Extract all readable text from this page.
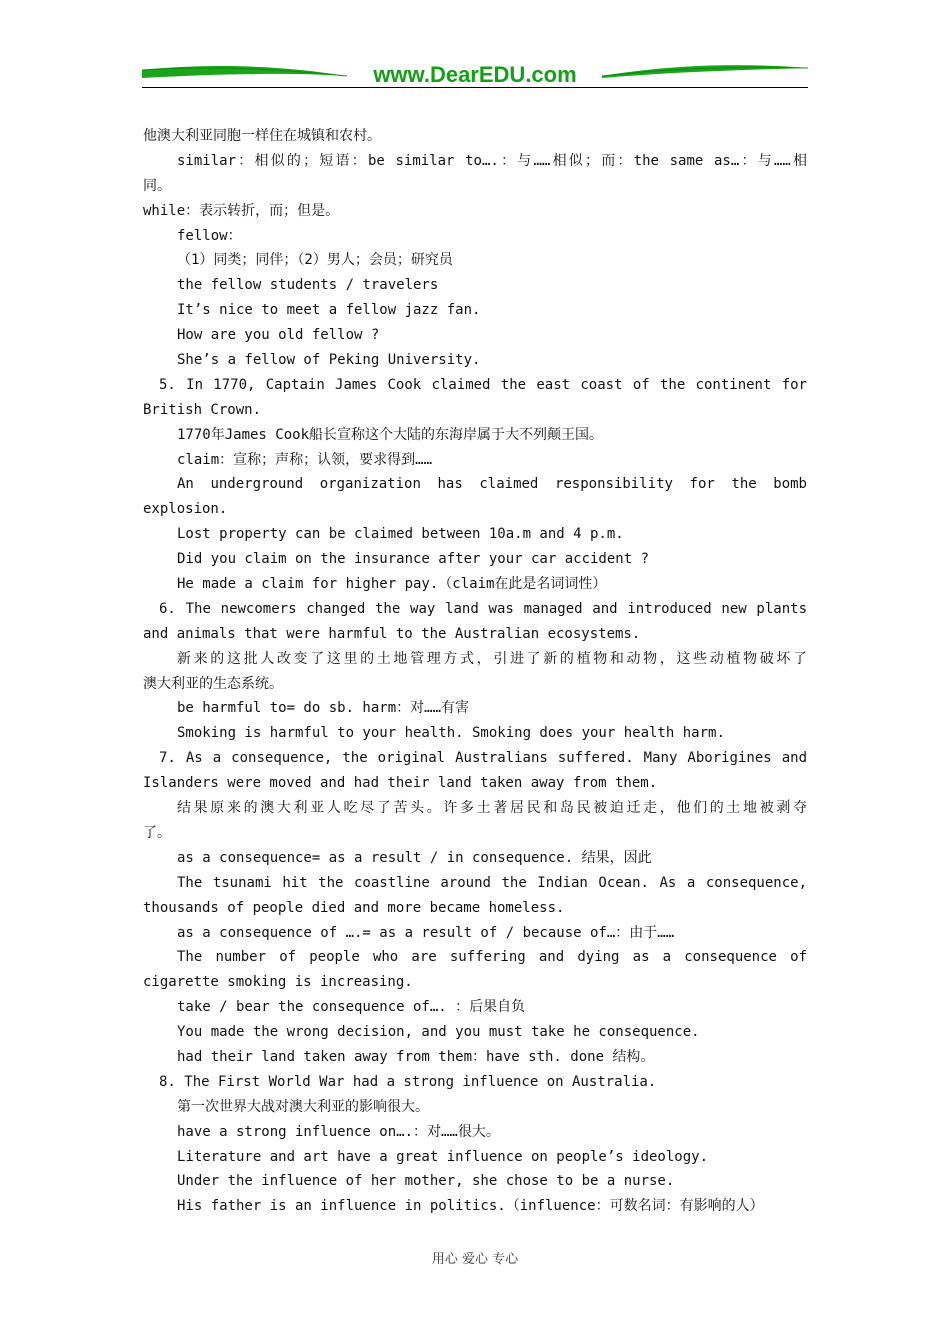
www.DearEDU.com
他澳大利亚同胞一样住在城镇和农村。
similar：相似的；短语：be similar to….：与……相似；而：the same as…：与……相
同。
while：表示转折，而；但是。
fellow：
（1）同类；同伴；（2）男人；会员；研究员
the fellow students / travelers
It’s nice to meet a fellow jazz fan.
How are you old fellow ?
She’s a fellow of Peking University.
5. In 1770, Captain James Cook claimed the east coast of the continent for
British Crown.
1770年James Cook船长宣称这个大陆的东海岸属于大不列颠王国。
claim：宣称；声称；认领，要求得到……
An underground organization has claimed responsibility for the bomb
explosion.
Lost property can be claimed between 10a.m and 4 p.m.
Did you claim on the insurance after your car accident ?
He made a claim for higher pay.（claim在此是名词词性）
6. The newcomers changed the way land was managed and introduced new plants
and animals that were harmful to the Australian ecosystems.
新来的这批人改变了这里的土地管理方式，引进了新的植物和动物，这些动植物破坏了
澳大利亚的生态系统。
be harmful to= do sb. harm：对……有害
Smoking is harmful to your health. Smoking does your health harm.
7. As a consequence, the original Australians suffered. Many Aborigines and
Islanders were moved and had their land taken away from them.
结果原来的澳大利亚人吃尽了苦头。许多土著居民和岛民被迫迁走，他们的土地被剥夺
了。
as a consequence= as a result / in consequence. 结果，因此
The tsunami hit the coastline around the Indian Ocean. As a consequence,
thousands of people died and more became homeless.
as a consequence of ….= as a result of / because of…：由于……
The number of people who are suffering and dying as a consequence of
cigarette smoking is increasing.
take / bear the consequence of…. ：后果自负
You made the wrong decision, and you must take he consequence.
had their land taken away from them：have sth. done 结构。
8. The First World War had a strong influence on Australia.
第一次世界大战对澳大利亚的影响很大。
have a strong influence on….：对……很大。
Literature and art have a great influence on people’s ideology.
Under the influence of her mother, she chose to be a nurse.
His father is an influence in politics.（influence：可数名词：有影响的人）
用心 爱心 专心
